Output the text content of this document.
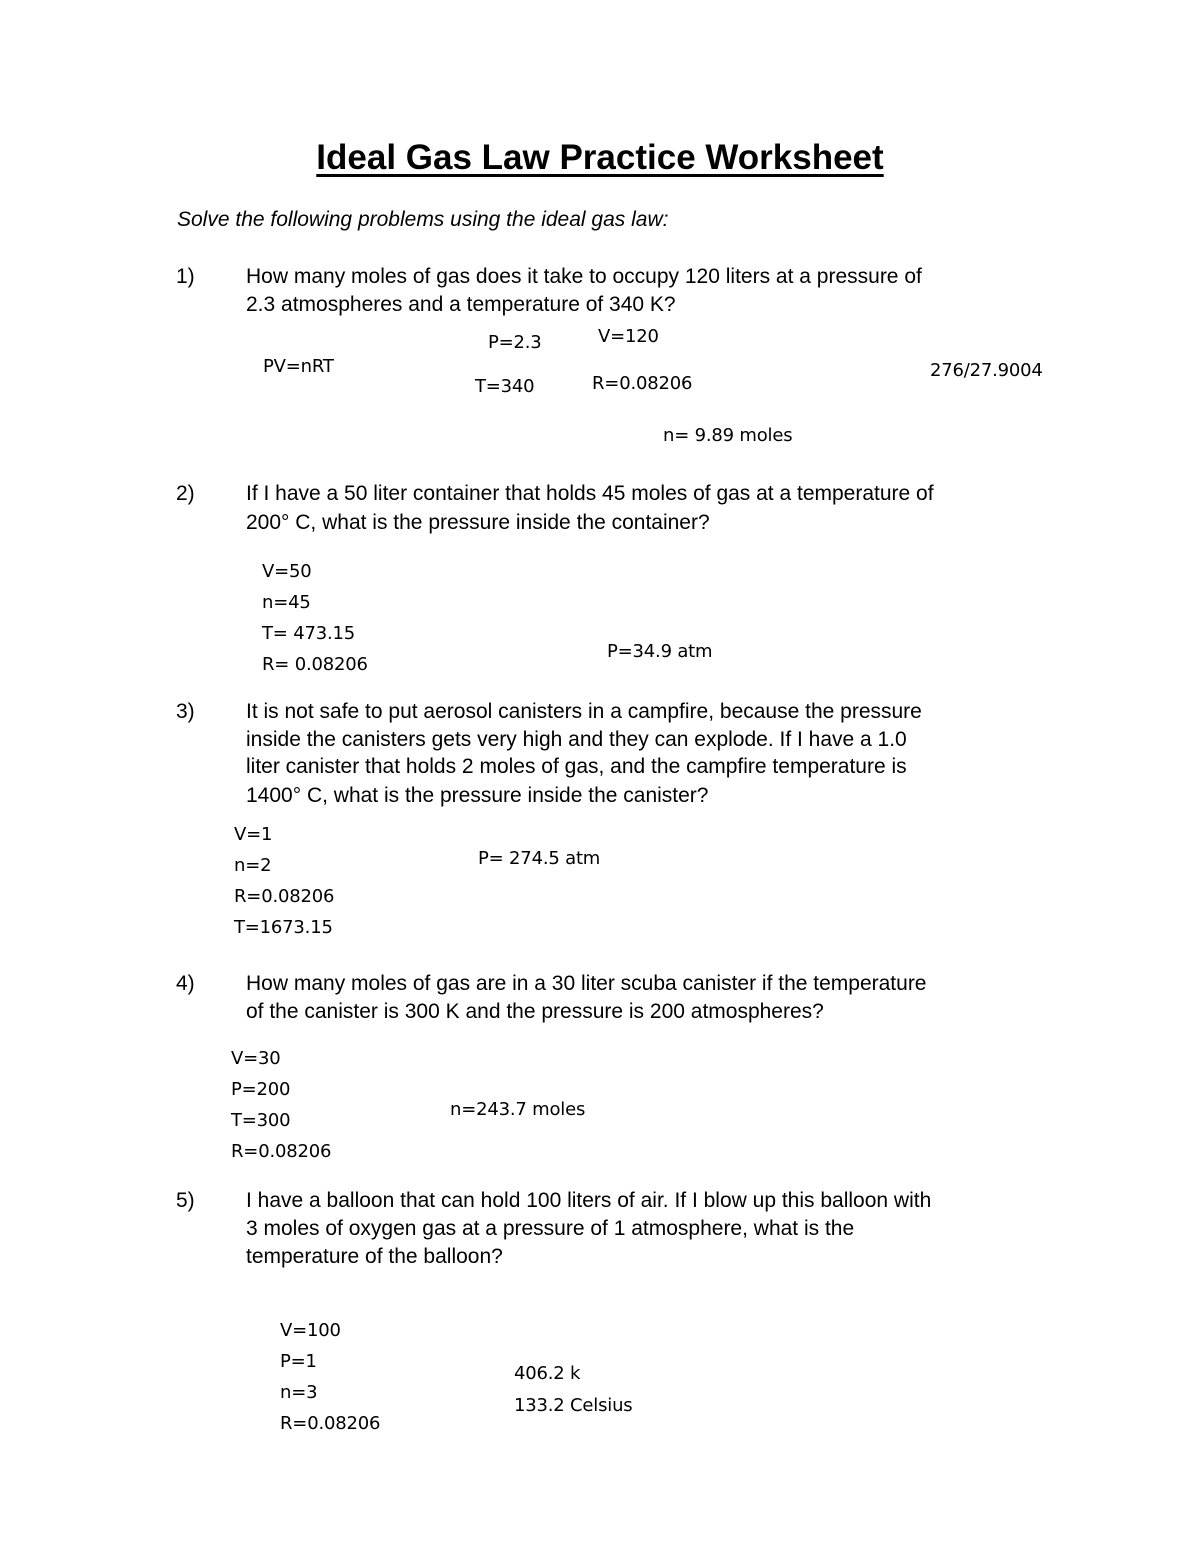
Ideal Gas Law Practice Worksheet
Solve the following problems using the ideal gas law:
1) How many moles of gas does it take to occupy 120 liters at a pressure of
2.3 atmospheres and a temperature of 340 K?
P=2.3	V=120
PV=nRT	276/27.9004
T=340	R=0.08206
n= 9.89 moles
2) If I have a 50 liter container that holds 45 moles of gas at a temperature of
200° C, what is the pressure inside the container?
V=50
n=45
T= 473.15
R= 0.08206
P=34.9 atm
3) It is not safe to put aerosol canisters in a campfire, because the pressure
inside the canisters gets very high and they can explode. If I have a 1.0
liter canister that holds 2 moles of gas, and the campfire temperature is
1400° C, what is the pressure inside the canister?
V=1
n=2
R=0.08206
T=1673.15
P= 274.5 atm
4) How many moles of gas are in a 30 liter scuba canister if the temperature
of the canister is 300 K and the pressure is 200 atmospheres?
V=30
P=200
T=300
R=0.08206
n=243.7 moles
5) I have a balloon that can hold 100 liters of air. If I blow up this balloon with
3 moles of oxygen gas at a pressure of 1 atmosphere, what is the
temperature of the balloon?
V=100
P=1
n=3
R=0.08206
406.2 k
133.2 Celsius
